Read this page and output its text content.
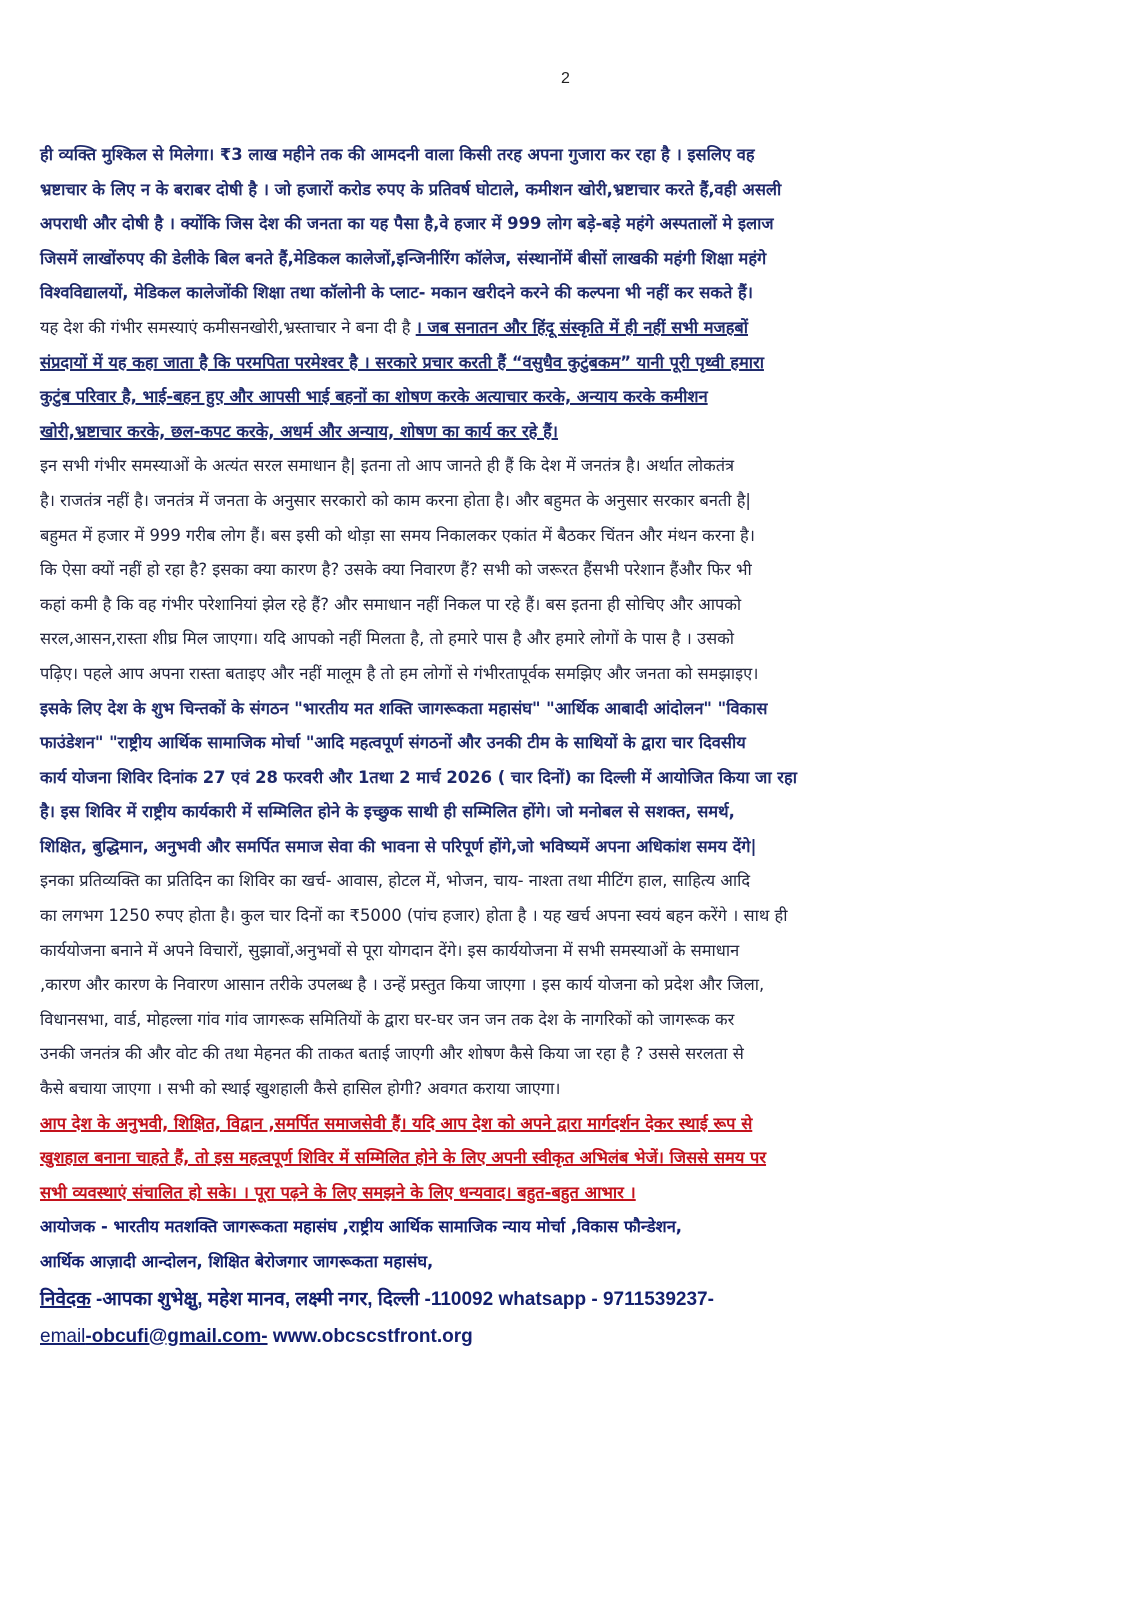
2
ही व्यक्ति मुश्किल से मिलेगा। ₹3 लाख महीने तक की आमदनी वाला किसी तरह अपना गुजारा कर रहा है । इसलिए वह
भ्रष्टाचार के लिए न के बराबर दोषी है । जो हजारों करोड रुपए के प्रतिवर्ष घोटाले, कमीशन खोरी,भ्रष्टाचार करते हैं,वही असली
अपराधी और दोषी है । क्योंकि जिस देश की जनता का यह पैसा है,वे हजार में 999 लोग बड़े-बड़े महंगे अस्पतालों मे इलाज
जिसमें लाखोंरुपए की डेलीके बिल बनते हैं,मेडिकल कालेजों,इन्जिनीरिंग कॉलेज, संस्थानोंमें बीसों लाखकी महंगी शिक्षा महंगे
विश्वविद्यालयों, मेडिकल कालेजोंकी शिक्षा तथा कॉलोनी के प्लाट- मकान खरीदने करने की कल्पना भी नहीं कर सकते हैं।
यह देश की गंभीर समस्याएं कमीसनखोरी,भ्रस्ताचार ने बना दी है । जब सनातन और हिंदू संस्कृति में ही नहीं सभी मजहबों
संप्रदायों में यह कहा जाता है कि परमपिता परमेश्वर है । सरकारे प्रचार करती हैं “वसुधैव कुटुंबकम” यानी पूरी पृथ्वी हमारा
कुटुंब परिवार है, भाई-बहन हुए और आपसी भाई बहनों का शोषण करके अत्याचार करके, अन्याय करके कमीशन
खोरी,भ्रष्टाचार करके, छल-कपट करके, अधर्म और अन्याय, शोषण का कार्य कर रहे हैं।
इन सभी गंभीर समस्याओं के अत्यंत सरल समाधान है| इतना तो आप जानते ही हैं कि देश में जनतंत्र है। अर्थात लोकतंत्र
है। राजतंत्र नहीं है। जनतंत्र में जनता के अनुसार सरकारो को काम करना होता है। और बहुमत के अनुसार सरकार बनती है|
बहुमत में हजार में 999 गरीब लोग हैं। बस इसी को थोड़ा सा समय निकालकर एकांत में बैठकर चिंतन और मंथन करना है।
कि ऐसा क्यों नहीं हो रहा है? इसका क्या कारण है? उसके क्या निवारण हैं? सभी को जरूरत हैंसभी परेशान हैंऔर फिर भी
कहां कमी है कि वह गंभीर परेशानियां झेल रहे हैं? और समाधान नहीं निकल पा रहे हैं। बस इतना ही सोचिए और आपको
सरल,आसन,रास्ता शीघ्र मिल जाएगा। यदि आपको नहीं मिलता है, तो हमारे पास है और हमारे लोगों के पास है । उसको
पढ़िए। पहले आप अपना रास्ता बताइए और नहीं मालूम है तो हम लोगों से गंभीरतापूर्वक समझिए और जनता को समझाइए।
इसके लिए देश के शुभ चिन्तकों के संगठन "भारतीय मत शक्ति जागरूकता महासंघ" "आर्थिक आबादी आंदोलन" "विकास
फाउंडेशन" "राष्ट्रीय आर्थिक सामाजिक मोर्चा "आदि महत्वपूर्ण संगठनों और उनकी टीम के साथियों के द्वारा चार दिवसीय
कार्य योजना शिविर दिनांक 27 एवं 28 फरवरी और 1तथा 2 मार्च 2026 ( चार दिनों) का दिल्ली में आयोजित किया जा रहा
है। इस शिविर में राष्ट्रीय कार्यकारी में सम्मिलित होने के इच्छुक साथी ही सम्मिलित होंगे। जो मनोबल से सशक्त, समर्थ,
शिक्षित, बुद्धिमान, अनुभवी और समर्पित समाज सेवा की भावना से परिपूर्ण होंगे,जो भविष्यमें अपना अधिकांश समय देंगे|
इनका प्रतिव्यक्ति का प्रतिदिन का शिविर का खर्च- आवास, होटल में, भोजन, चाय- नाश्ता तथा मीटिंग हाल, साहित्य आदि
का लगभग 1250 रुपए होता है। कुल चार दिनों का ₹5000 (पांच हजार) होता है । यह खर्च अपना स्वयं बहन करेंगे । साथ ही
कार्ययोजना बनाने में अपने विचारों, सुझावों,अनुभवों से पूरा योगदान देंगे। इस कार्ययोजना में सभी समस्याओं के समाधान
,कारण और कारण के निवारण आसान तरीके उपलब्ध है । उन्हें प्रस्तुत किया जाएगा । इस कार्य योजना को प्रदेश और जिला,
विधानसभा, वार्ड, मोहल्ला गांव गांव जागरूक समितियों के द्वारा घर-घर जन जन तक देश के नागरिकों को जागरूक कर
उनकी जनतंत्र की और वोट की तथा मेहनत की ताकत बताई जाएगी और शोषण कैसे किया जा रहा है ? उससे सरलता से
कैसे बचाया जाएगा । सभी को स्थाई खुशहाली कैसे हासिल होगी? अवगत कराया जाएगा।
आप देश के अनुभवी, शिक्षित, विद्वान ,समर्पित समाजसेवी हैं। यदि आप देश को अपने द्वारा मार्गदर्शन देकर स्थाई रूप से
खुशहाल बनाना चाहते हैं, तो इस महत्वपूर्ण शिविर में सम्मिलित होने के लिए अपनी स्वीकृत अभिलंब भेजें। जिससे समय पर
सभी व्यवस्थाएं संचालित हो सके। । पूरा पढ़ने के लिए समझने के लिए धन्यवाद। बहुत-बहुत आभार ।
आयोजक - भारतीय मतशक्ति जागरूकता महासंघ ,राष्ट्रीय आर्थिक सामाजिक न्याय मोर्चा ,विकास फौन्डेशन,
आर्थिक आज़ादी आन्दोलन, शिक्षित बेरोजगार जागरूकता महासंघ,
निवेदक -आपका शुभेक्षु, महेश मानव, लक्ष्मी नगर, दिल्ली -110092 whatsapp - 9711539237-
email-obcufi@gmail.com- www.obcscstfront.org
